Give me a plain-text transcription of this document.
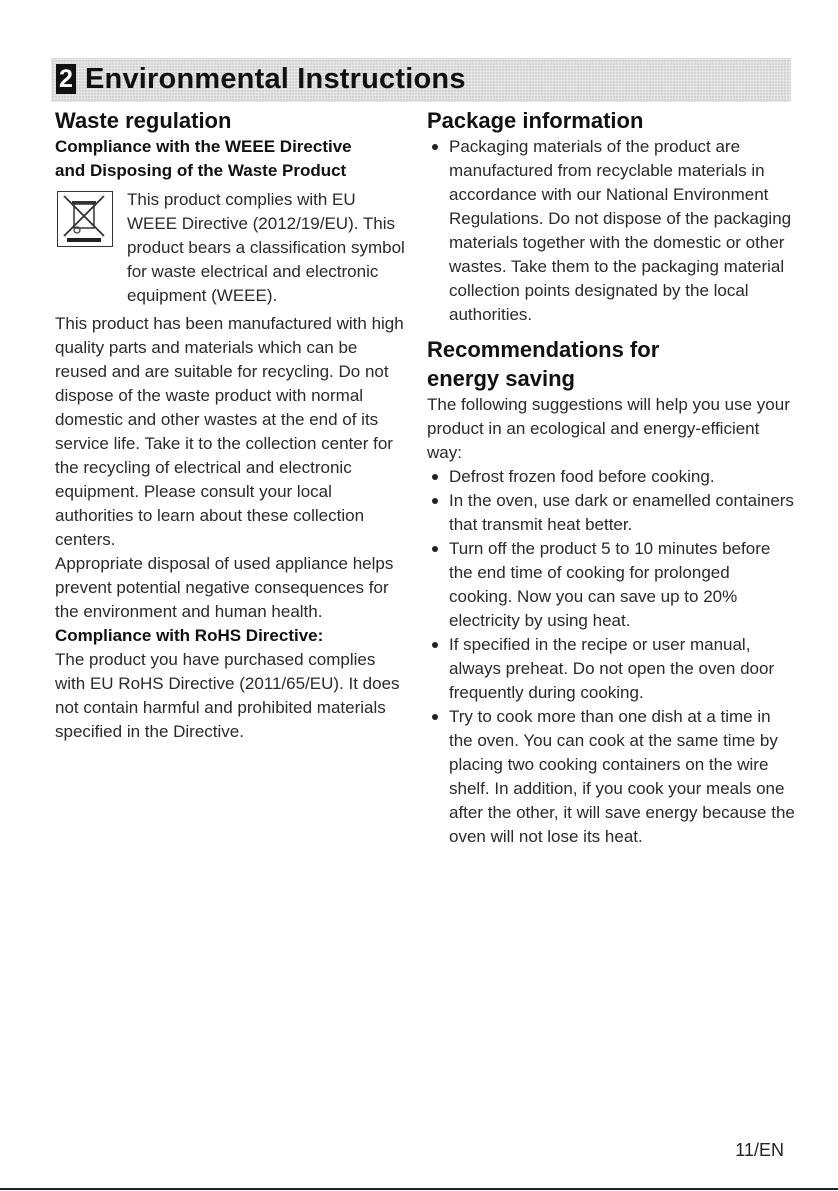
2 Environmental Instructions
Waste regulation
Compliance with the WEEE Directive and Disposing of the Waste Product

This product complies with EU WEEE Directive (2012/19/EU). This product bears a classification symbol for waste electrical and electronic equipment (WEEE).

This product has been manufactured with high quality parts and materials which can be reused and are suitable for recycling. Do not dispose of the waste product with normal domestic and other wastes at the end of its service life. Take it to the collection center for the recycling of electrical and electronic equipment. Please consult your local authorities to learn about these collection centers.

Appropriate disposal of used appliance helps prevent potential negative consequences for the environment and human health.

Compliance with RoHS Directive:

The product you have purchased complies with EU RoHS Directive (2011/65/EU). It does not contain harmful and prohibited materials specified in the Directive.

Package information
Packaging materials of the product are manufactured from recyclable materials in accordance with our National Environment Regulations. Do not dispose of the packaging materials together with the domestic or other wastes. Take them to the packaging material collection points designated by the local authorities.
Recommendations for energy saving

The following suggestions will help you use your product in an ecological and energy-efficient way:

Defrost frozen food before cooking.
In the oven, use dark or enamelled containers that transmit heat better.
Turn off the product 5 to 10 minutes before the end time of cooking for prolonged cooking. Now you can save up to 20% electricity by using heat.
If specified in the recipe or user manual, always preheat. Do not open the oven door frequently during cooking.
Try to cook more than one dish at a time in the oven. You can cook at the same time by placing two cooking containers on the wire shelf. In addition, if you cook your meals one after the other, it will save energy because the oven will not lose its heat.
11/EN
